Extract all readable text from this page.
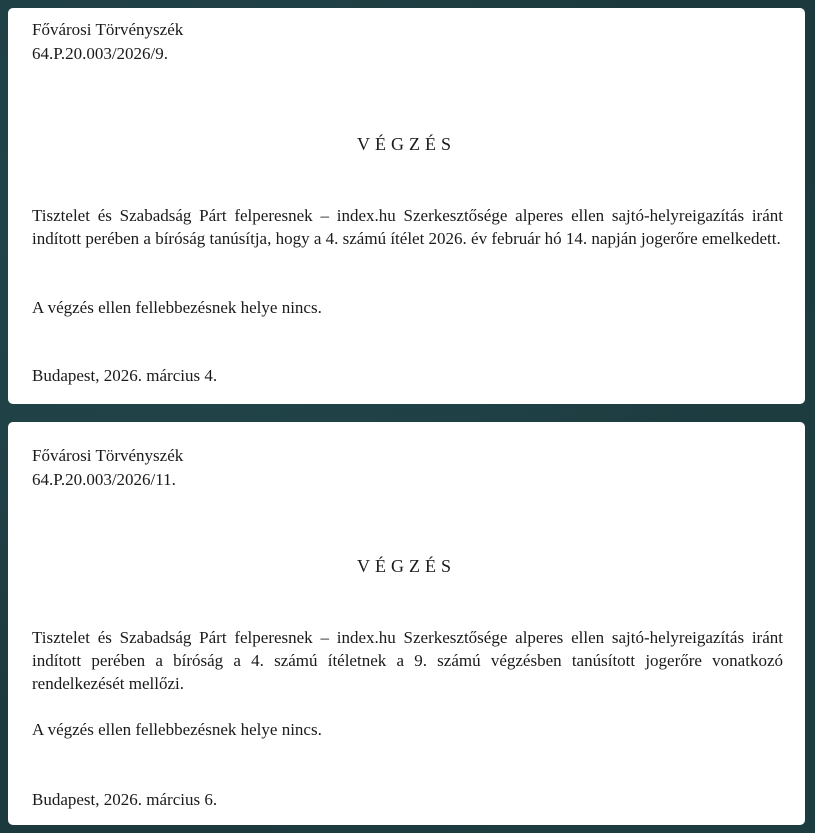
Fővárosi Törvényszék

64.P.20.003/2026/9.

VÉGZÉS

Tisztelet és Szabadság Párt felperesnek – index.hu Szerkesztősége alperes ellen sajtó-helyreigazítás iránt indított perében a bíróság tanúsítja, hogy a 4. számú ítélet 2026. év február hó 14. napján jogerőre emelkedett.

A végzés ellen fellebbezésnek helye nincs.

Budapest, 2026. március 4.

Fővárosi Törvényszék

64.P.20.003/2026/11.

VÉGZÉS

Tisztelet és Szabadság Párt felperesnek – index.hu Szerkesztősége alperes ellen sajtó-helyreigazítás iránt indított perében a bíróság a 4. számú ítéletnek a 9. számú végzésben tanúsított jogerőre vonatkozó rendelkezését mellőzi.

A végzés ellen fellebbezésnek helye nincs.

Budapest, 2026. március 6.
